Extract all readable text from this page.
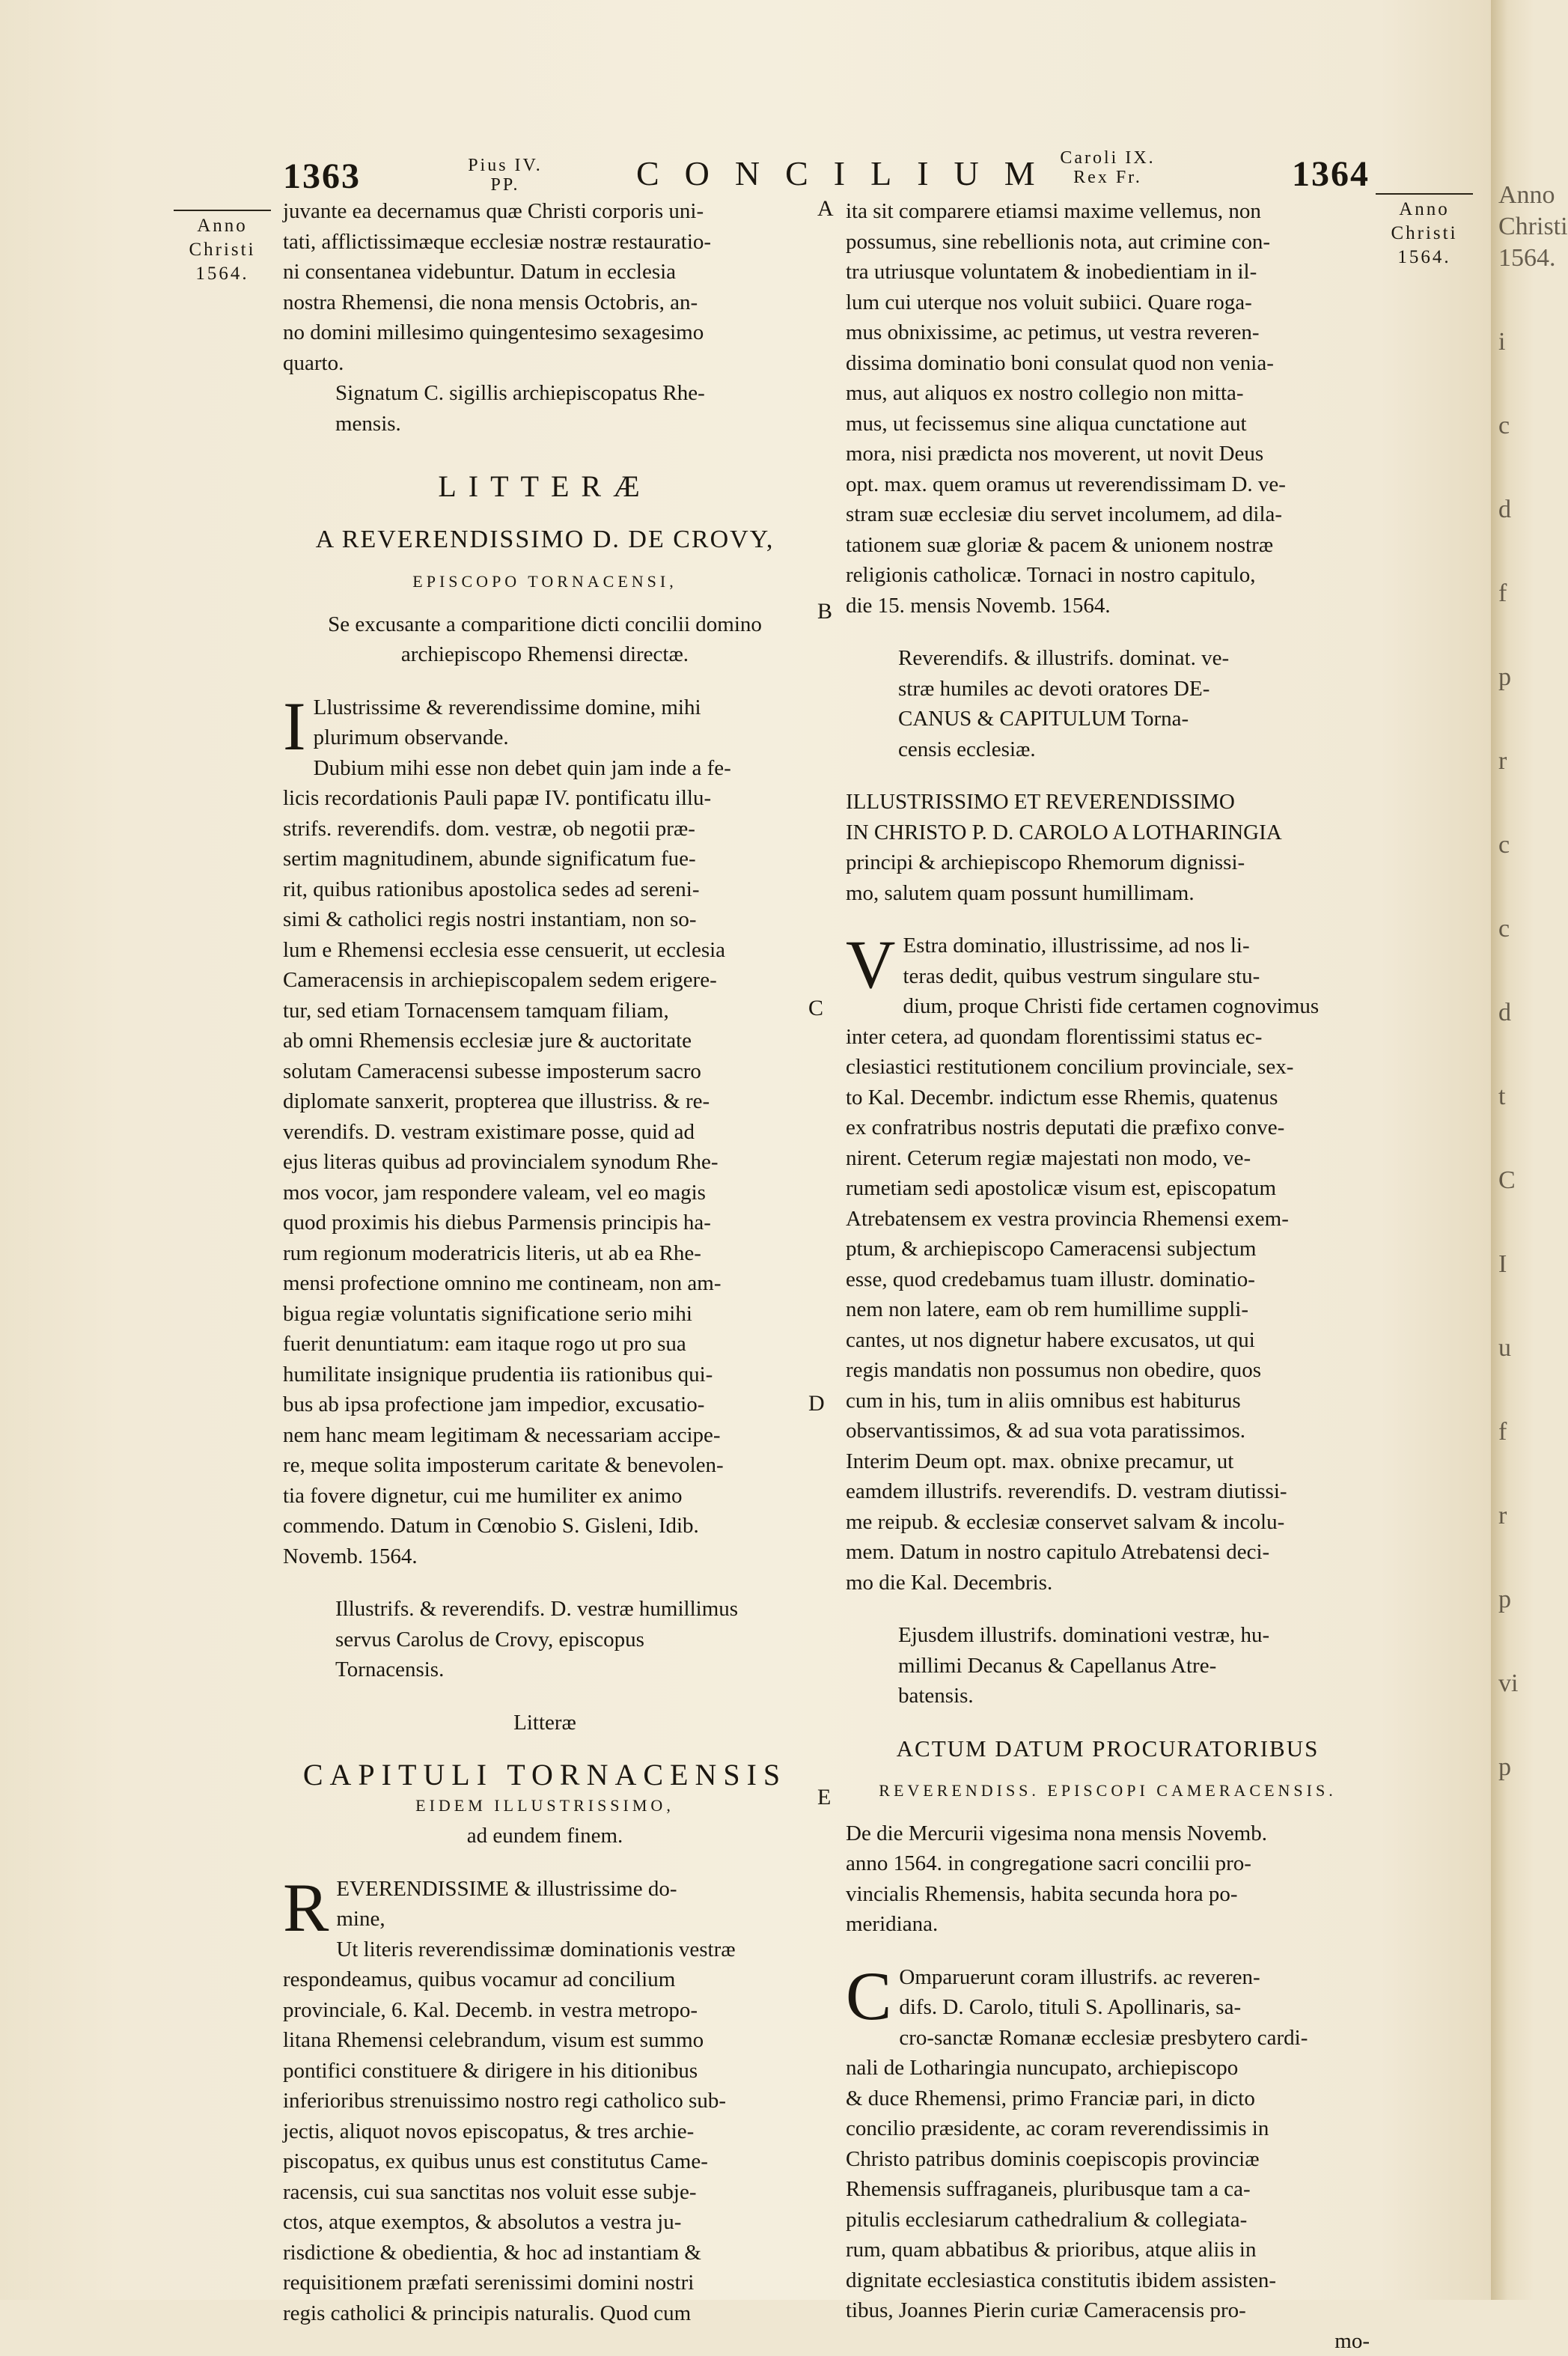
Anno
Christi
1564.
i
c
d
f
p
r
c
c
d
t
C
I
u
f
r
p
vi
p
1363	Pius IV.
PP.	CONCILIUM Caroli IX.
Rex Fr.	1364
Anno
Christi
1564.
Anno
Christi
1564.
A
B
C
D
E
juvante ea decernamus quæ Christi corporis uni-
tati, afflictissimæque ecclesiæ nostræ restauratio-
ni consentanea videbuntur. Datum in ecclesia
nostra Rhemensi, die nona mensis Octobris, an-
no domini millesimo quingentesimo sexagesimo
quarto.
Signatum C. sigillis archiepiscopatus Rhe-
mensis.

LITTERÆ

A REVERENDISSIMO D. DE CROVY,

EPISCOPO TORNACENSI,

Se excusante a comparitione dicti concilii domino
archiepiscopo Rhemensi directæ.
I Llustrissime & reverendissime domine, mihi
plurimum observande.
Dubium mihi esse non debet quin jam inde a fe-
licis recordationis Pauli papæ IV. pontificatu illu-
strifs. reverendifs. dom. vestræ, ob negotii præ-
sertim magnitudinem, abunde significatum fue-
rit, quibus rationibus apostolica sedes ad sereni-
simi & catholici regis nostri instantiam, non so-
lum e Rhemensi ecclesia esse censuerit, ut ecclesia
Cameracensis in archiepiscopalem sedem erigere-
tur, sed etiam Tornacensem tamquam filiam,
ab omni Rhemensis ecclesiæ jure & auctoritate
solutam Cameracensi subesse imposterum sacro
diplomate sanxerit, propterea que illustriss. & re-
verendifs. D. vestram existimare posse, quid ad
ejus literas quibus ad provincialem synodum Rhe-
mos vocor, jam respondere valeam, vel eo magis
quod proximis his diebus Parmensis principis ha-
rum regionum moderatricis literis, ut ab ea Rhe-
mensi profectione omnino me contineam, non am-
bigua regiæ voluntatis significatione serio mihi
fuerit denuntiatum: eam itaque rogo ut pro sua
humilitate insignique prudentia iis rationibus qui-
bus ab ipsa profectione jam impedior, excusatio-
nem hanc meam legitimam & necessariam accipe-
re, meque solita imposterum caritate & benevolen-
tia fovere dignetur, cui me humiliter ex animo
commendo. Datum in Cœnobio S. Gisleni, Idib.
Novemb. 1564.
Illustrifs. & reverendifs. D. vestræ humillimus
servus Carolus de Crovy, episcopus
Tornacensis.

Litteræ

CAPITULI TORNACENSIS

EIDEM ILLUSTRISSIMO,

ad eundem finem.

R EVERENDISSIME & illustrissime do-
mine,
Ut literis reverendissimæ dominationis vestræ
respondeamus, quibus vocamur ad concilium
provinciale, 6. Kal. Decemb. in vestra metropo-
litana Rhemensi celebrandum, visum est summo
pontifici constituere & dirigere in his ditionibus
inferioribus strenuissimo nostro regi catholico sub-
jectis, aliquot novos episcopatus, & tres archie-
piscopatus, ex quibus unus est constitutus Came-
racensis, cui sua sanctitas nos voluit esse subje-
ctos, atque exemptos, & absolutos a vestra ju-
risdictione & obedientia, & hoc ad instantiam &
requisitionem præfati serenissimi domini nostri
regis catholici & principis naturalis. Quod cum
ita sit comparere etiamsi maxime vellemus, non
possumus, sine rebellionis nota, aut crimine con-
tra utriusque voluntatem & inobedientiam in il-
lum cui uterque nos voluit subiici. Quare roga-
mus obnixissime, ac petimus, ut vestra reveren-
dissima dominatio boni consulat quod non venia-
mus, aut aliquos ex nostro collegio non mitta-
mus, ut fecissemus sine aliqua cunctatione aut
mora, nisi prædicta nos moverent, ut novit Deus
opt. max. quem oramus ut reverendissimam D. ve-
stram suæ ecclesiæ diu servet incolumem, ad dila-
tationem suæ gloriæ & pacem & unionem nostræ
religionis catholicæ. Tornaci in nostro capitulo,
die 15. mensis Novemb. 1564.
Reverendifs. & illustrifs. dominat. ve-
stræ humiles ac devoti oratores DE-
CANUS & CAPITULUM Torna-
censis ecclesiæ.
ILLUSTRISSIMO ET REVERENDISSIMO
IN CHRISTO P. D. CAROLO A LOTHARINGIA
principi & archiepiscopo Rhemorum dignissi-
mo, salutem quam possunt humillimam.
V Estra dominatio, illustrissime, ad nos li-
teras dedit, quibus vestrum singulare stu-
dium, proque Christi fide certamen cognovimus
inter cetera, ad quondam florentissimi status ec-
clesiastici restitutionem concilium provinciale, sex-
to Kal. Decembr. indictum esse Rhemis, quatenus
ex confratribus nostris deputati die præfixo conve-
nirent. Ceterum regiæ majestati non modo, ve-
rumetiam sedi apostolicæ visum est, episcopatum
Atrebatensem ex vestra provincia Rhemensi exem-
ptum, & archiepiscopo Cameracensi subjectum
esse, quod credebamus tuam illustr. dominatio-
nem non latere, eam ob rem humillime suppli-
cantes, ut nos dignetur habere excusatos, ut qui
regis mandatis non possumus non obedire, quos
cum in his, tum in aliis omnibus est habiturus
observantissimos, & ad sua vota paratissimos.
Interim Deum opt. max. obnixe precamur, ut
eamdem illustrifs. reverendifs. D. vestram diutissi-
me reipub. & ecclesiæ conservet salvam & incolu-
mem. Datum in nostro capitulo Atrebatensi deci-
mo die Kal. Decembris.
Ejusdem illustrifs. dominationi vestræ, hu-
millimi Decanus & Capellanus Atre-
batensis.

ACTUM DATUM PROCURATORIBUS

REVERENDISS. EPISCOPI CAMERACENSIS.

De die Mercurii vigesima nona mensis Novemb.
anno 1564. in congregatione sacri concilii pro-
vincialis Rhemensis, habita secunda hora po-
meridiana.
C Omparuerunt coram illustrifs. ac reveren-
difs. D. Carolo, tituli S. Apollinaris, sa-
cro-sanctæ Romanæ ecclesiæ presbytero cardi-
nali de Lotharingia nuncupato, archiepiscopo
& duce Rhemensi, primo Franciæ pari, in dicto
concilio præsidente, ac coram reverendissimis in
Christo patribus dominis coepiscopis provinciæ
Rhemensis suffraganeis, pluribusque tam a ca-
pitulis ecclesiarum cathedralium & collegiata-
rum, quam abbatibus & prioribus, atque aliis in
dignitate ecclesiastica constitutis ibidem assisten-
tibus, Joannes Pierin curiæ Cameracensis pro-

mo-
